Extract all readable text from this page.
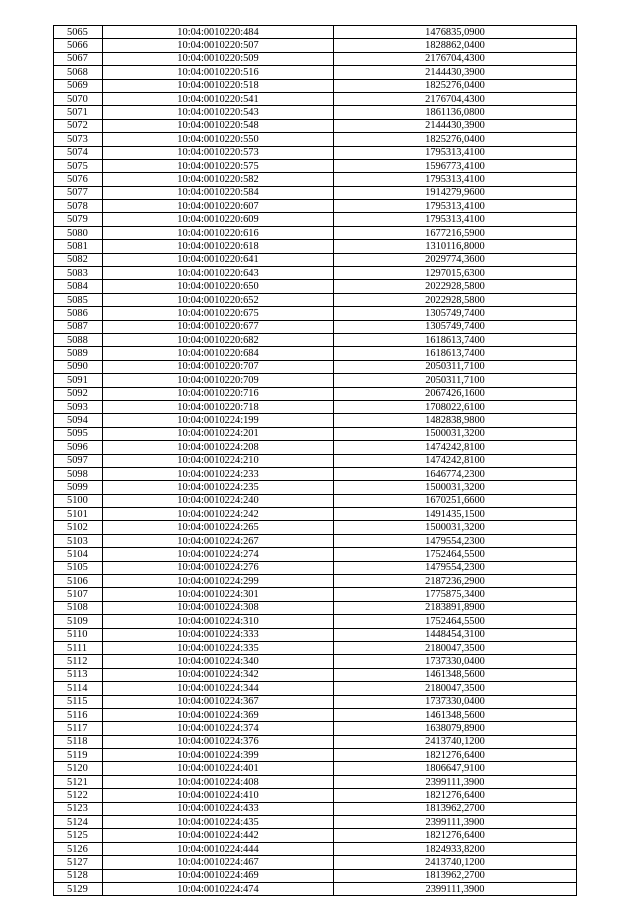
5065	10:04:0010220:484	1476835,0900
5066	10:04:0010220:507	1828862,0400
5067	10:04:0010220:509	2176704,4300
5068	10:04:0010220:516	2144430,3900
5069	10:04:0010220:518	1825276,0400
5070	10:04:0010220:541	2176704,4300
5071	10:04:0010220:543	1861136,0800
5072	10:04:0010220:548	2144430,3900
5073	10:04:0010220:550	1825276,0400
5074	10:04:0010220:573	1795313,4100
5075	10:04:0010220:575	1596773,4100
5076	10:04:0010220:582	1795313,4100
5077	10:04:0010220:584	1914279,9600
5078	10:04:0010220:607	1795313,4100
5079	10:04:0010220:609	1795313,4100
5080	10:04:0010220:616	1677216,5900
5081	10:04:0010220:618	1310116,8000
5082	10:04:0010220:641	2029774,3600
5083	10:04:0010220:643	1297015,6300
5084	10:04:0010220:650	2022928,5800
5085	10:04:0010220:652	2022928,5800
5086	10:04:0010220:675	1305749,7400
5087	10:04:0010220:677	1305749,7400
5088	10:04:0010220:682	1618613,7400
5089	10:04:0010220:684	1618613,7400
5090	10:04:0010220:707	2050311,7100
5091	10:04:0010220:709	2050311,7100
5092	10:04:0010220:716	2067426,1600
5093	10:04:0010220:718	1708022,6100
5094	10:04:0010224:199	1482838,9800
5095	10:04:0010224:201	1500031,3200
5096	10:04:0010224:208	1474242,8100
5097	10:04:0010224:210	1474242,8100
5098	10:04:0010224:233	1646774,2300
5099	10:04:0010224:235	1500031,3200
5100	10:04:0010224:240	1670251,6600
5101	10:04:0010224:242	1491435,1500
5102	10:04:0010224:265	1500031,3200
5103	10:04:0010224:267	1479554,2300
5104	10:04:0010224:274	1752464,5500
5105	10:04:0010224:276	1479554,2300
5106	10:04:0010224:299	2187236,2900
5107	10:04:0010224:301	1775875,3400
5108	10:04:0010224:308	2183891,8900
5109	10:04:0010224:310	1752464,5500
5110	10:04:0010224:333	1448454,3100
5111	10:04:0010224:335	2180047,3500
5112	10:04:0010224:340	1737330,0400
5113	10:04:0010224:342	1461348,5600
5114	10:04:0010224:344	2180047,3500
5115	10:04:0010224:367	1737330,0400
5116	10:04:0010224:369	1461348,5600
5117	10:04:0010224:374	1638079,8900
5118	10:04:0010224:376	2413740,1200
5119	10:04:0010224:399	1821276,6400
5120	10:04:0010224:401	1806647,9100
5121	10:04:0010224:408	2399111,3900
5122	10:04:0010224:410	1821276,6400
5123	10:04:0010224:433	1813962,2700
5124	10:04:0010224:435	2399111,3900
5125	10:04:0010224:442	1821276,6400
5126	10:04:0010224:444	1824933,8200
5127	10:04:0010224:467	2413740,1200
5128	10:04:0010224:469	1813962,2700
5129	10:04:0010224:474	2399111,3900
